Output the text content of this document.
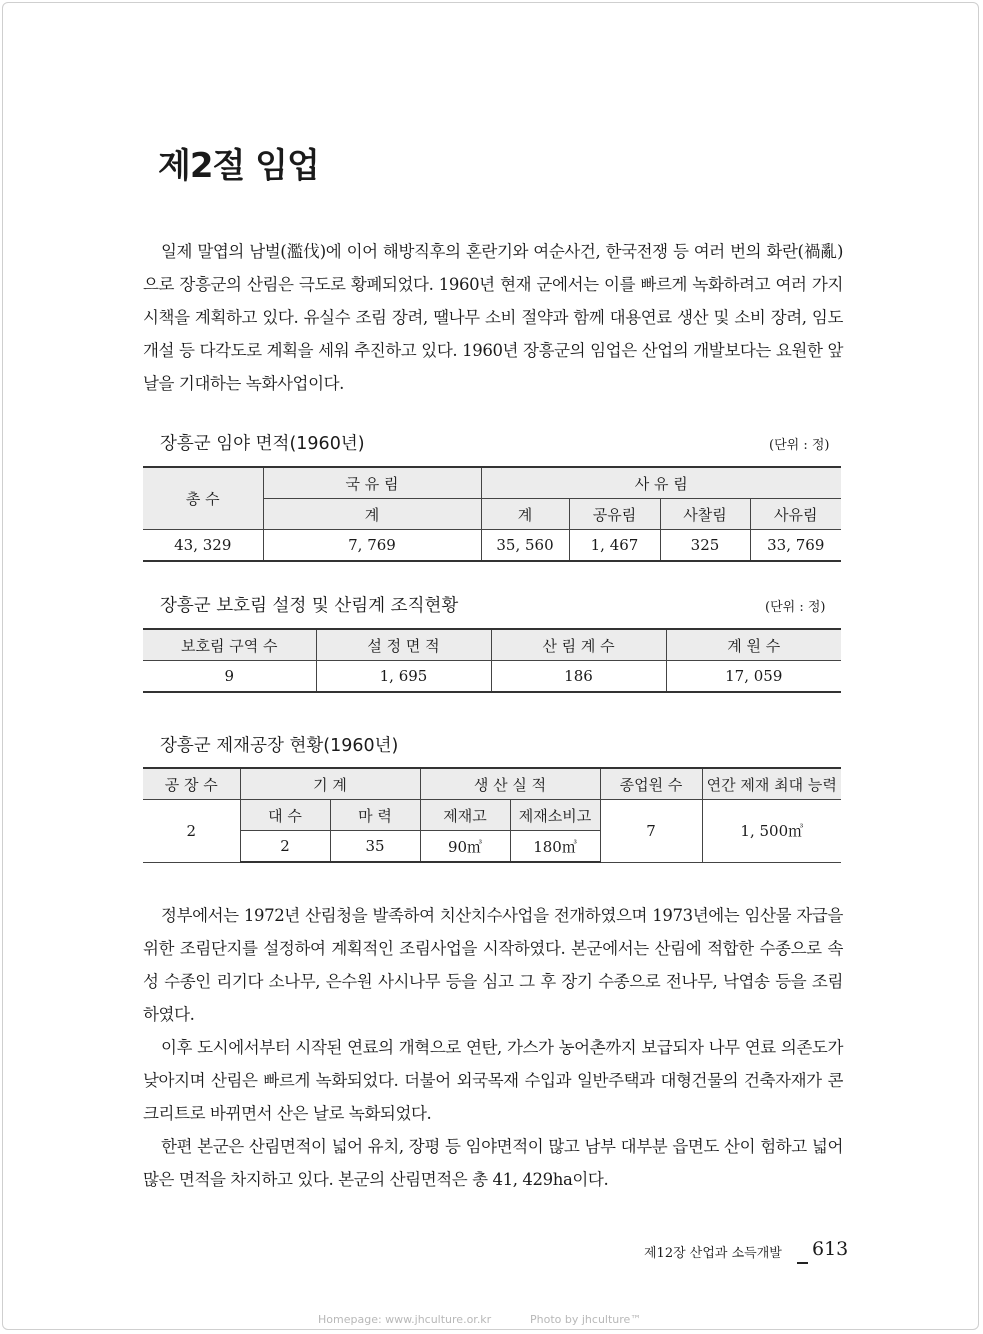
제2절 임업

일제 말엽의 남벌(濫伐)에 이어 해방직후의 혼란기와 여순사건, 한국전쟁 등 여러 번의 화란(禍亂)으로 장흥군의 산림은 극도로 황폐되었다. 1960년 현재 군에서는 이를 빠르게 녹화하려고 여러 가지 시책을 계획하고 있다. 유실수 조림 장려, 땔나무 소비 절약과 함께 대용연료 생산 및 소비 장려, 임도 개설 등 다각도로 계획을 세워 추진하고 있다. 1960년 장흥군의 임업은 산업의 개발보다는 요원한 앞날을 기대하는 녹화사업이다.

장흥군 임야 면적(1960년)	(단위 : 정)
총 수	국 유 림	사 유 림			
	계	계	공유림	사찰림	사유림
43, 329	7, 769	35, 560	1, 467	325	33, 769
장흥군 보호림 설정 및 산림계 조직현황	(단위 : 정)
보호림 구역 수	설 정 면 적	산 림 계 수	계 원 수
9	1, 695	186	17, 059
장흥군 제재공장 현황(1960년)
공 장 수	기 계		생 산 실 적		종업원 수	연간 제재 최대 능력
2	대 수	마 력	제재고	제재소비고	7	1, 500㎥
	2	35	90㎥	180㎥		

정부에서는 1972년 산림청을 발족하여 치산치수사업을 전개하였으며 1973년에는 임산물 자급을 위한 조림단지를 설정하여 계획적인 조림사업을 시작하였다. 본군에서는 산림에 적합한 수종으로 속성 수종인 리기다 소나무, 은수원 사시나무 등을 심고 그 후 장기 수종으로 전나무, 낙엽송 등을 조림하였다.

이후 도시에서부터 시작된 연료의 개혁으로 연탄, 가스가 농어촌까지 보급되자 나무 연료 의존도가 낮아지며 산림은 빠르게 녹화되었다. 더불어 외국목재 수입과 일반주택과 대형건물의 건축자재가 콘크리트로 바뀌면서 산은 날로 녹화되었다.

한편 본군은 산림면적이 넓어 유치, 장평 등 임야면적이 많고 남부 대부분 읍면도 산이 험하고 넓어 많은 면적을 차지하고 있다. 본군의 산림면적은 총 41, 429ha이다.

제12장 산업과 소득개발 613
Homepage: www.jhculture.or.kr	Photo by jhculture™
